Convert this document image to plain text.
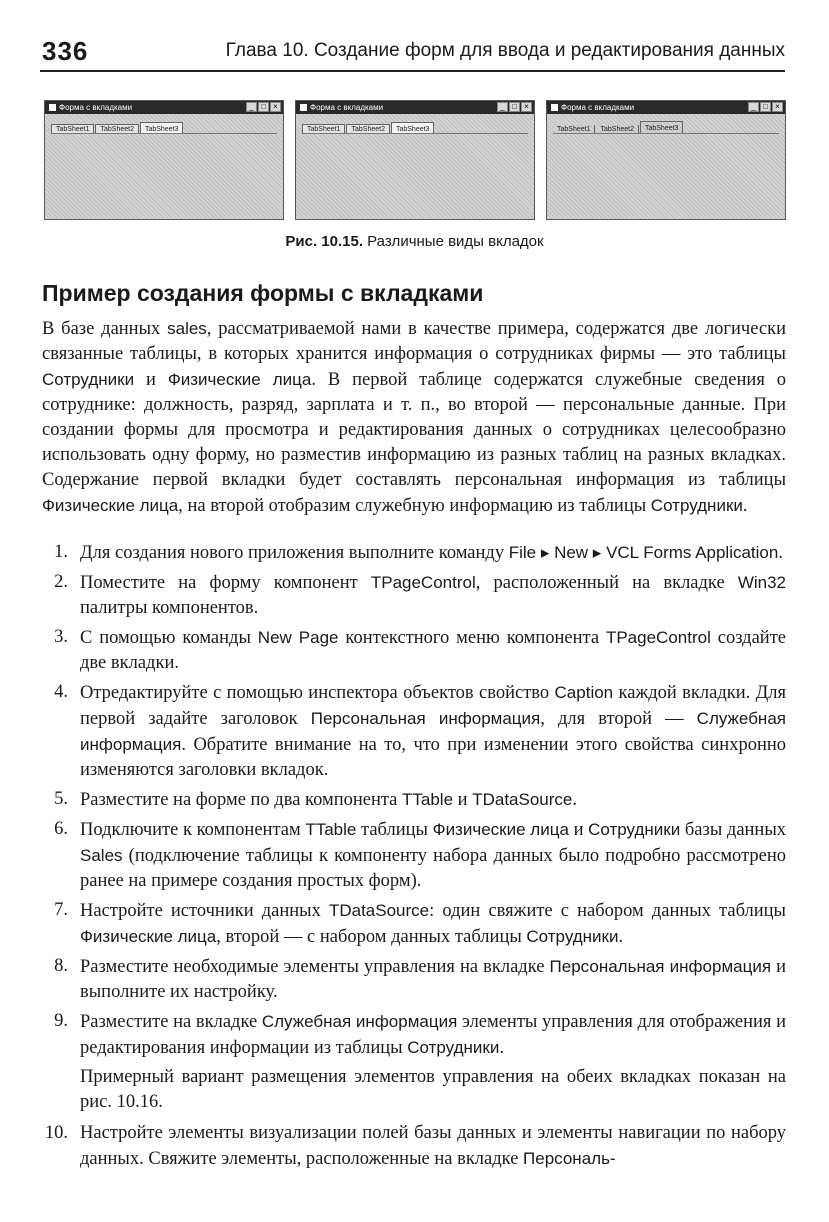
336	Глава 10. Создание форм для ввода и редактирования данных
Форма с вкладками	_ □ ×
TabSheet1	TabSheet2	TabSheet3
Форма с вкладками	_ □ ×
TabSheet1	TabSheet2	TabSheet3
Форма с вкладками	_ □ ×
TabSheet1	TabSheet2	TabSheet3
Рис. 10.15. Различные виды вкладок
Пример создания формы с вкладками

В базе данных sales, рассматриваемой нами в качестве примера, содержатся две логически связанные таблицы, в которых хранится информация о сотрудниках фирмы — это таблицы Сотрудники и Физические лица. В первой таблице содержатся служебные сведения о сотруднике: должность, разряд, зарплата и т. п., во второй — персональные данные. При создании формы для просмотра и редактирования данных о сотрудниках целесообразно использовать одну форму, но разместив информацию из разных таблиц на разных вкладках. Содержание первой вкладки будет составлять персональная информация из таблицы Физические лица, на второй отобразим служебную информацию из таблицы Сотрудники.

1. Для создания нового приложения выполните команду File ▸ New ▸ VCL Forms Application.
2. Поместите на форму компонент TPageControl, расположенный на вкладке Win32 палитры компонентов.
3. С помощью команды New Page контекстного меню компонента TPageControl создайте две вкладки.
4. Отредактируйте с помощью инспектора объектов свойство Caption каждой вкладки. Для первой задайте заголовок Персональная информация, для второй — Служебная информация. Обратите внимание на то, что при изменении этого свойства синхронно изменяются заголовки вкладок.
5. Разместите на форме по два компонента TTable и TDataSource.
6. Подключите к компонентам TTable таблицы Физические лица и Сотрудники базы данных Sales (подключение таблицы к компоненту набора данных было подробно рассмотрено ранее на примере создания простых форм).
7. Настройте источники данных TDataSource: один свяжите с набором данных таблицы Физические лица, второй — с набором данных таблицы Сотрудники.
8. Разместите необходимые элементы управления на вкладке Персональная информация и выполните их настройку.
9. Разместите на вкладке Служебная информация элементы управления для отображения и редактирования информации из таблицы Сотрудники.
Примерный вариант размещения элементов управления на обеих вкладках показан на рис. 10.16.
10. Настройте элементы визуализации полей базы данных и элементы навигации по набору данных. Свяжите элементы, расположенные на вкладке Персональ-
